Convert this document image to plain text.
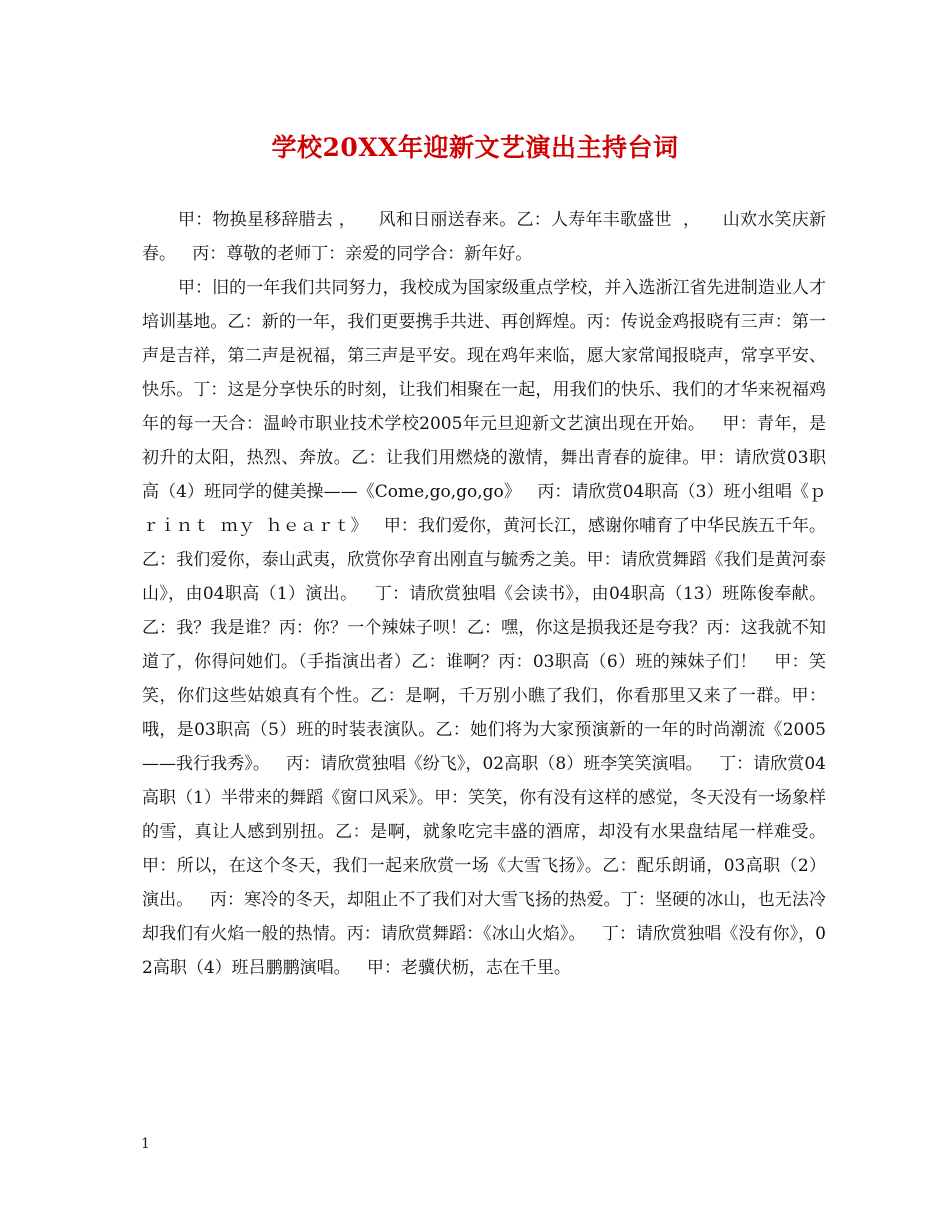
学校20XX年迎新文艺演出主持台词

甲：物换星移辞腊去 ，    风和日丽送春来。乙：人寿年丰歌盛世  ，    山欢水笑庆新春。   丙：尊敬的老师丁：亲爱的同学合：新年好。

甲：旧的一年我们共同努力，我校成为国家级重点学校，并入选浙江省先进制造业人才培训基地。乙：新的一年，我们更要携手共进、再创辉煌。丙：传说金鸡报晓有三声：第一声是吉祥，第二声是祝福，第三声是平安。现在鸡年来临，愿大家常闻报晓声，常享平安、快乐。丁：这是分享快乐的时刻，让我们相聚在一起，用我们的快乐、我们的才华来祝福鸡年的每一天合：温岭市职业技术学校2005年元旦迎新文艺演出现在开始。   甲：青年，是初升的太阳，热烈、奔放。乙：让我们用燃烧的激情，舞出青春的旋律。甲：请欣赏03职高（4）班同学的健美操——《Come,go,go,go》   丙：请欣赏04职高（3）班小组唱《ｐｒｉｎｔ  ｍｙ  ｈｅａｒｔ》   甲：我们爱你，黄河长江，感谢你哺育了中华民族五千年。乙：我们爱你，泰山武夷，欣赏你孕育出刚直与毓秀之美。甲：请欣赏舞蹈《我们是黄河泰山》，由04职高（1）演出。   丁：请欣赏独唱《会读书》，由04职高（13）班陈俊奉献。   乙：我？我是谁？丙：你？一个辣妹子呗！乙：嘿，你这是损我还是夸我？丙：这我就不知道了，你得问她们。（手指演出者）乙：谁啊？丙：03职高（6）班的辣妹子们！   甲：笑笑，你们这些姑娘真有个性。乙：是啊，千万别小瞧了我们，你看那里又来了一群。甲：哦，是03职高（5）班的时装表演队。乙：她们将为大家预演新的一年的时尚潮流《2005——我行我秀》。   丙：请欣赏独唱《纷飞》，02高职（8）班李笑笑演唱。   丁：请欣赏04高职（1）半带来的舞蹈《窗口风采》。甲：笑笑，你有没有这样的感觉，冬天没有一场象样的雪，真让人感到别扭。乙：是啊，就象吃完丰盛的酒席，却没有水果盘结尾一样难受。甲：所以，在这个冬天，我们一起来欣赏一场《大雪飞扬》。乙：配乐朗诵，03高职（2）演出。   丙：寒冷的冬天，却阻止不了我们对大雪飞扬的热爱。丁：坚硬的冰山，也无法冷却我们有火焰一般的热情。丙：请欣赏舞蹈：《冰山火焰》。   丁：请欣赏独唱《没有你》，02高职（4）班吕鹏鹏演唱。   甲：老骥伏枥，志在千里。

1
